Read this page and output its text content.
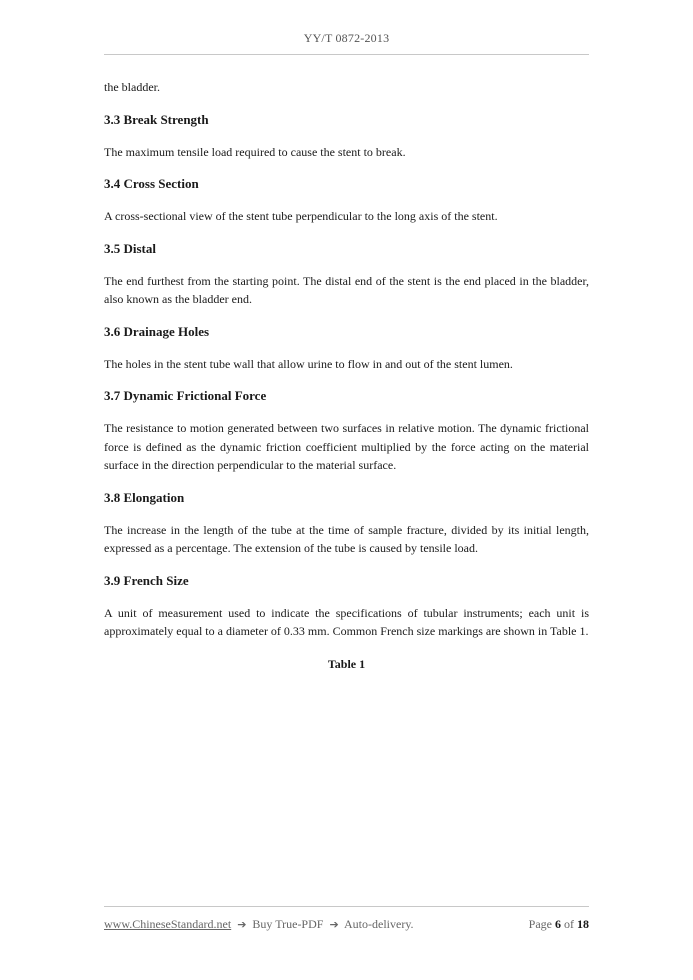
YY/T 0872-2013

the bladder.

3.3 Break Strength

The maximum tensile load required to cause the stent to break.

3.4 Cross Section

A cross-sectional view of the stent tube perpendicular to the long axis of the stent.

3.5 Distal

The end furthest from the starting point. The distal end of the stent is the end placed in the bladder, also known as the bladder end.

3.6 Drainage Holes

The holes in the stent tube wall that allow urine to flow in and out of the stent lumen.

3.7 Dynamic Frictional Force

The resistance to motion generated between two surfaces in relative motion. The dynamic frictional force is defined as the dynamic friction coefficient multiplied by the force acting on the material surface in the direction perpendicular to the material surface.

3.8 Elongation

The increase in the length of the tube at the time of sample fracture, divided by its initial length, expressed as a percentage. The extension of the tube is caused by tensile load.

3.9 French Size

A unit of measurement used to indicate the specifications of tubular instruments; each unit is approximately equal to a diameter of 0.33 mm. Common French size markings are shown in Table 1.

Table 1
www.ChineseStandard.net ➔ Buy True-PDF ➔ Auto-delivery.	Page 6 of 18
